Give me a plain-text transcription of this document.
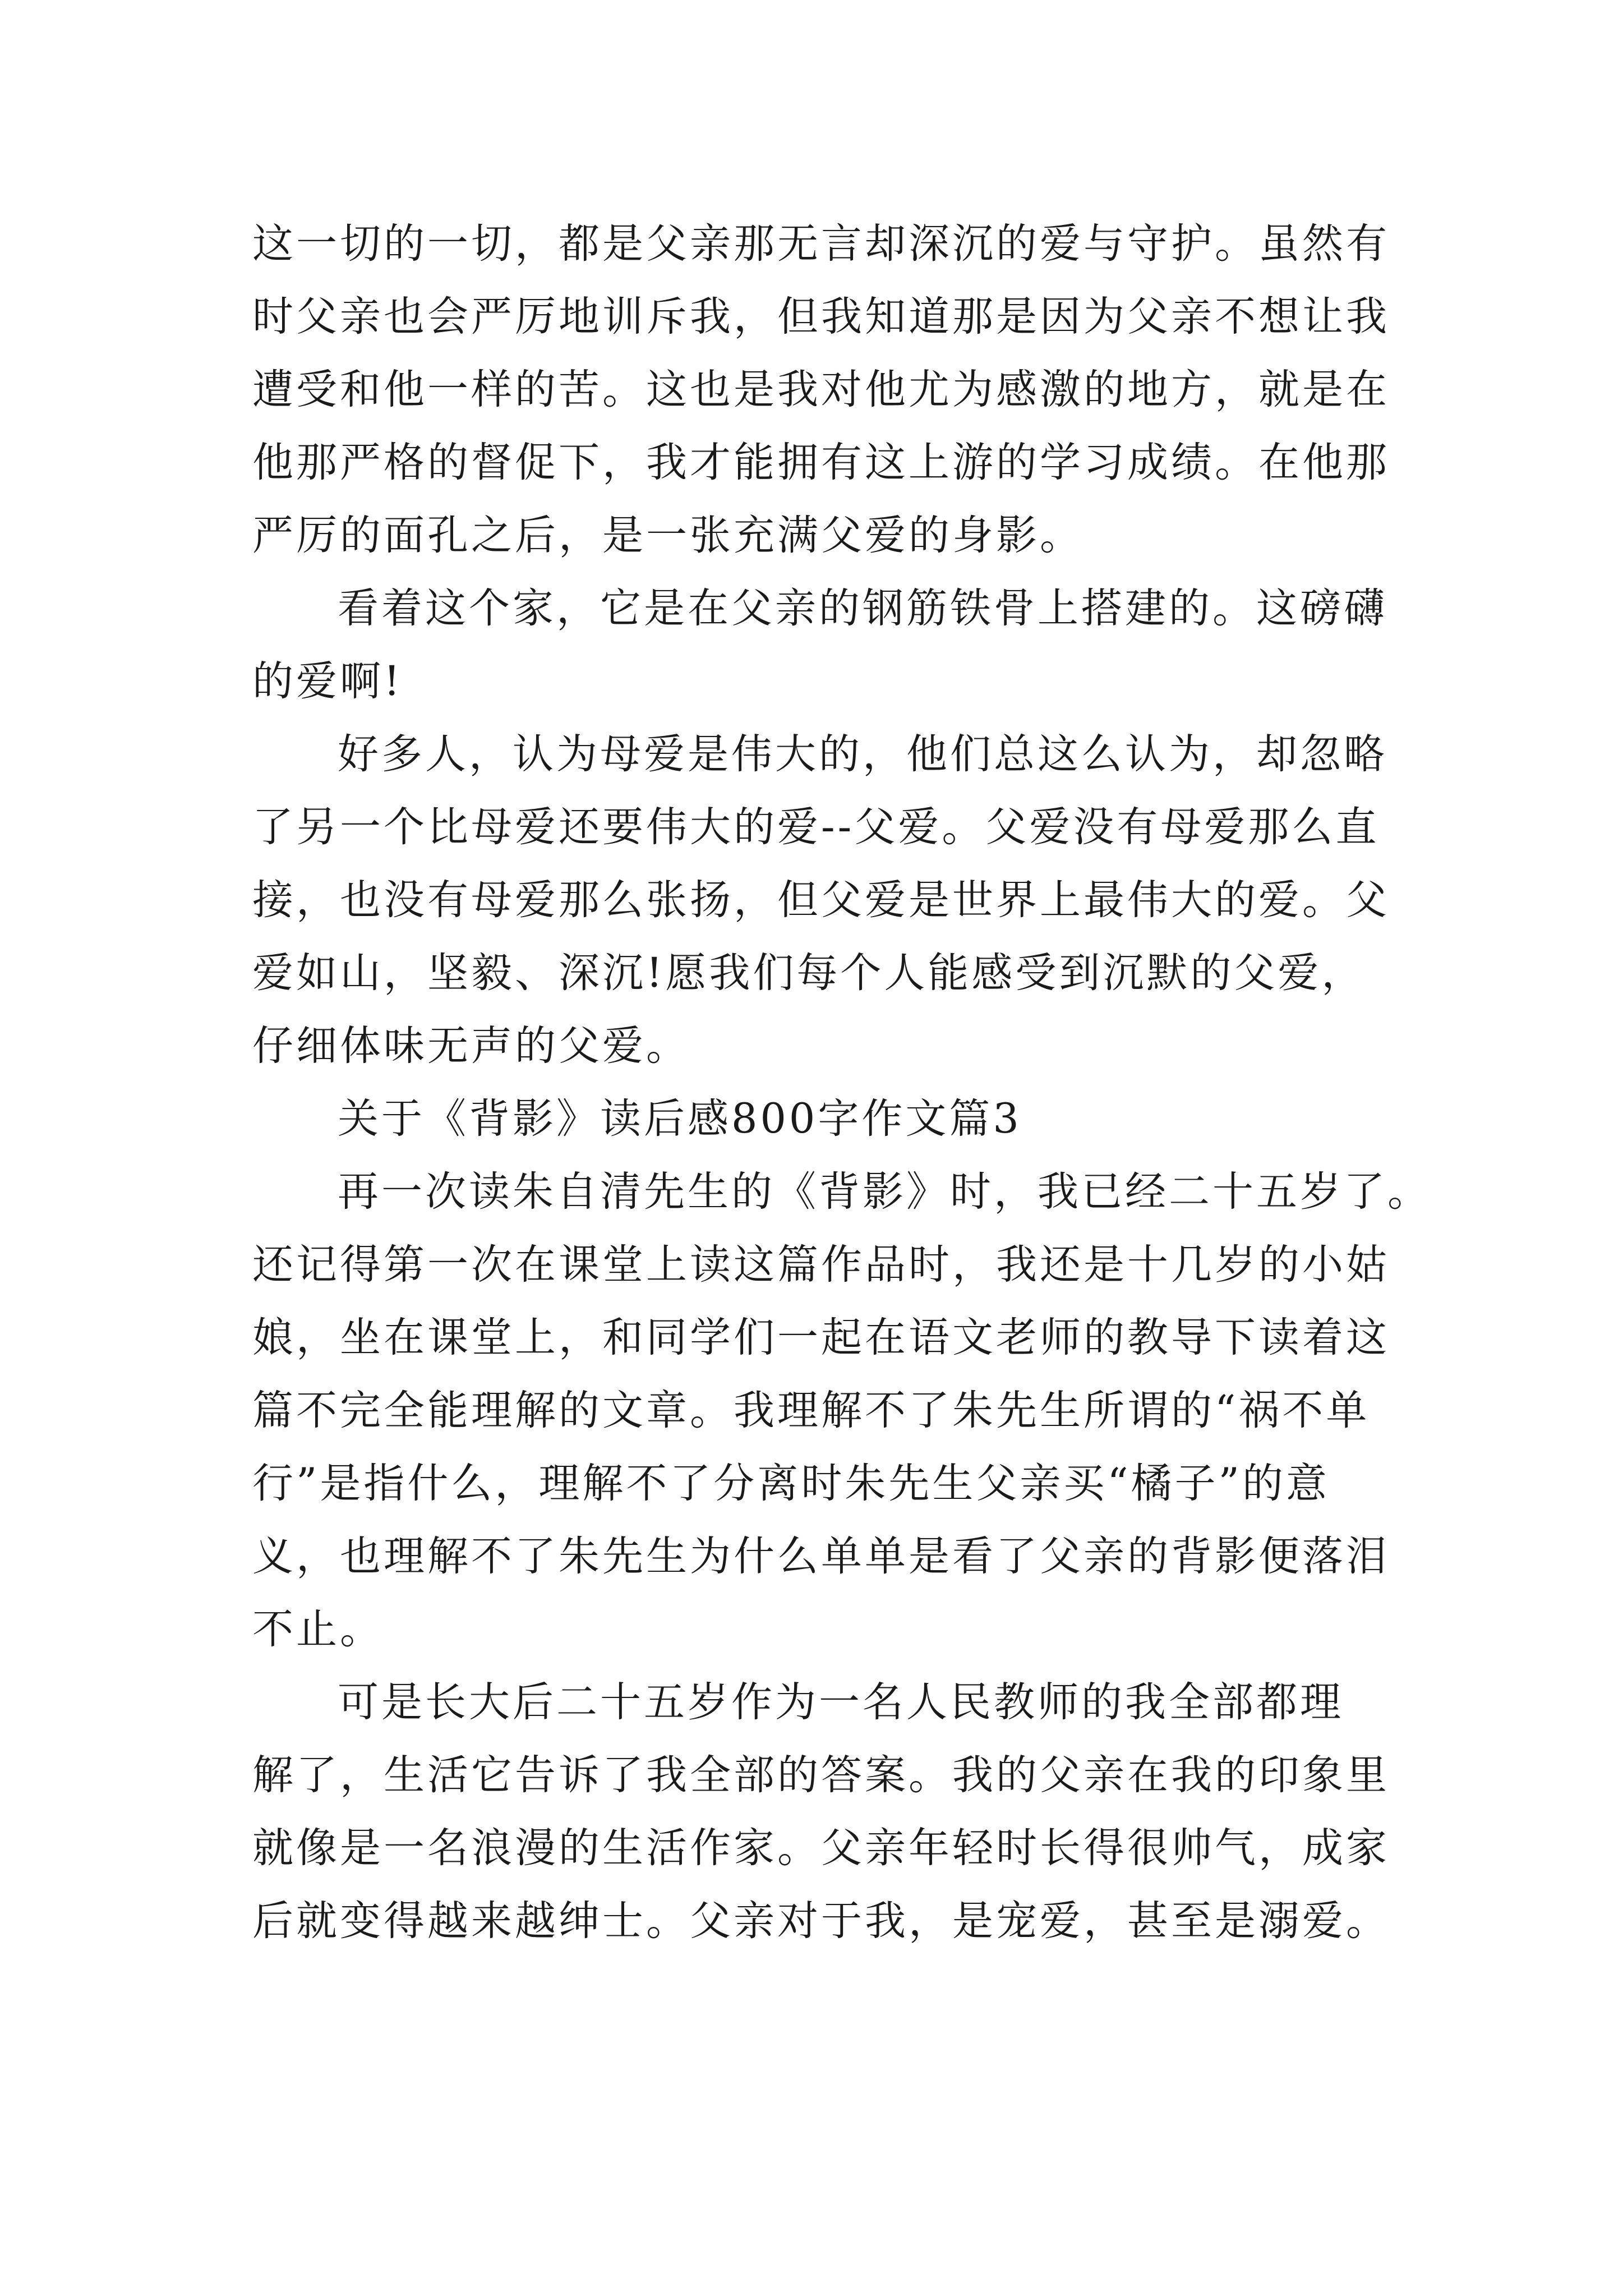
这一切的一切，都是父亲那无言却深沉的爱与守护。虽然有
时父亲也会严厉地训斥我，但我知道那是因为父亲不想让我
遭受和他一样的苦。这也是我对他尤为感激的地方，就是在
他那严格的督促下，我才能拥有这上游的学习成绩。在他那
严厉的面孔之后，是一张充满父爱的身影。
看着这个家，它是在父亲的钢筋铁骨上搭建的。这磅礴
的爱啊!
好多人，认为母爱是伟大的，他们总这么认为，却忽略
了另一个比母爱还要伟大的爱--父爱。父爱没有母爱那么直
接，也没有母爱那么张扬，但父爱是世界上最伟大的爱。父
爱如山，坚毅、深沉!愿我们每个人能感受到沉默的父爱，
仔细体味无声的父爱。
关于《背影》读后感800字作文篇3
再一次读朱自清先生的《背影》时，我已经二十五岁了。
还记得第一次在课堂上读这篇作品时，我还是十几岁的小姑
娘，坐在课堂上，和同学们一起在语文老师的教导下读着这
篇不完全能理解的文章。我理解不了朱先生所谓的“祸不单
行”是指什么，理解不了分离时朱先生父亲买“橘子”的意
义，也理解不了朱先生为什么单单是看了父亲的背影便落泪
不止。
可是长大后二十五岁作为一名人民教师的我全部都理
解了，生活它告诉了我全部的答案。我的父亲在我的印象里
就像是一名浪漫的生活作家。父亲年轻时长得很帅气，成家
后就变得越来越绅士。父亲对于我，是宠爱，甚至是溺爱。
